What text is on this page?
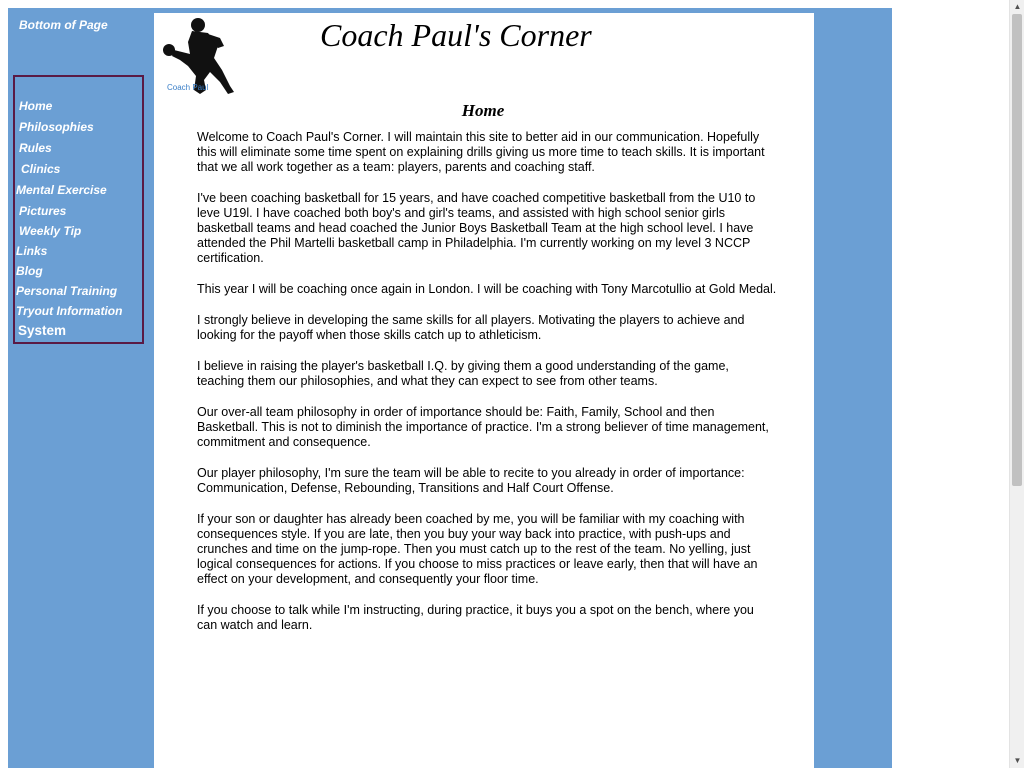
Bottom of Page
Home
Philosophies
Rules
Clinics
Mental Exercise
Pictures
Weekly Tip
Links
Blog
Personal Training
Tryout Information
System
Coach Paul
Coach Paul's Corner
Home

Welcome to Coach Paul's Corner. I will maintain this site to better aid in our communication. Hopefully this will eliminate some time spent on explaining drills giving us more time to teach skills. It is important that we all work together as a team: players, parents and coaching staff.

I've been coaching basketball for 15 years, and have coached competitive basketball from the U10 to leve U19l. I have coached both boy's and girl's teams, and assisted with high school senior girls basketball teams and head coached the Junior Boys Basketball Team at the high school level. I have attended the Phil Martelli basketball camp in Philadelphia. I'm currently working on my level 3 NCCP certification.

This year I will be coaching once again in London. I will be coaching with Tony Marcotullio at Gold Medal.

I strongly believe in developing the same skills for all players. Motivating the players to achieve and looking for the payoff when those skills catch up to athleticism.

I believe in raising the player's basketball I.Q. by giving them a good understanding of the game, teaching them our philosophies, and what they can expect to see from other teams.

Our over-all team philosophy in order of importance should be: Faith, Family, School and then Basketball. This is not to diminish the importance of practice. I'm a strong believer of time management, commitment and consequence.

Our player philosophy, I'm sure the team will be able to recite to you already in order of importance: Communication, Defense, Rebounding, Transitions and Half Court Offense.

If your son or daughter has already been coached by me, you will be familiar with my coaching with consequences style. If you are late, then you buy your way back into practice, with push-ups and crunches and time on the jump-rope. Then you must catch up to the rest of the team. No yelling, just logical consequences for actions. If you choose to miss practices or leave early, then that will have an effect on your development, and consequently your floor time.

If you choose to talk while I'm instructing, during practice, it buys you a spot on the bench, where you can watch and learn.

▲
▼
